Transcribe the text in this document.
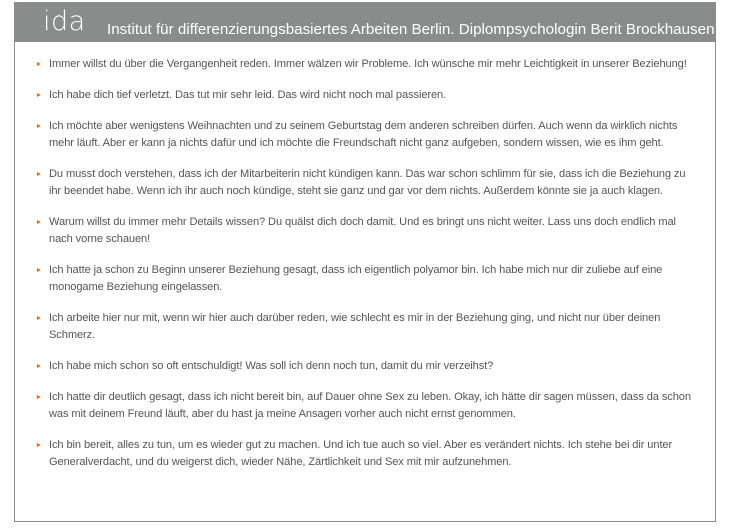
ida Institut für differenzierungsbasiertes Arbeiten Berlin. Diplompsychologin Berit Brockhausen
Immer willst du über die Vergangenheit reden. Immer wälzen wir Probleme. Ich wünsche mir mehr Leichtigkeit in unserer Beziehung!
Ich habe dich tief verletzt. Das tut mir sehr leid. Das wird nicht noch mal passieren.
Ich möchte aber wenigstens Weihnachten und zu seinem Geburtstag dem anderen schreiben dürfen. Auch wenn da wirklich nichts mehr läuft. Aber er kann ja nichts dafür und ich möchte die Freundschaft nicht ganz aufgeben, sondern wissen, wie es ihm geht.
Du musst doch verstehen, dass ich der Mitarbeiterin nicht kündigen kann. Das war schon schlimm für sie, dass ich die Beziehung zu ihr beendet habe. Wenn ich ihr auch noch kündige, steht sie ganz und gar vor dem nichts. Außerdem könnte sie ja auch klagen.
Warum willst du immer mehr Details wissen? Du quälst dich doch damit. Und es bringt uns nicht weiter. Lass uns doch endlich mal nach vorne schauen!
Ich hatte ja schon zu Beginn unserer Beziehung gesagt, dass ich eigentlich polyamor bin. Ich habe mich nur dir zuliebe auf eine monogame Beziehung eingelassen.
Ich arbeite hier nur mit, wenn wir hier auch darüber reden, wie schlecht es mir in der Beziehung ging, und nicht nur über deinen Schmerz.
Ich habe mich schon so oft entschuldigt! Was soll ich denn noch tun, damit du mir verzeihst?
Ich hatte dir deutlich gesagt, dass ich nicht bereit bin, auf Dauer ohne Sex zu leben. Okay, ich hätte dir sagen müssen, dass da schon was mit deinem Freund läuft, aber du hast ja meine Ansagen vorher auch nicht ernst genommen.
Ich bin bereit, alles zu tun, um es wieder gut zu machen. Und ich tue auch so viel. Aber es verändert nichts. Ich stehe bei dir unter Generalverdacht, und du weigerst dich, wieder Nähe, Zärtlichkeit und Sex mit mir aufzunehmen.
